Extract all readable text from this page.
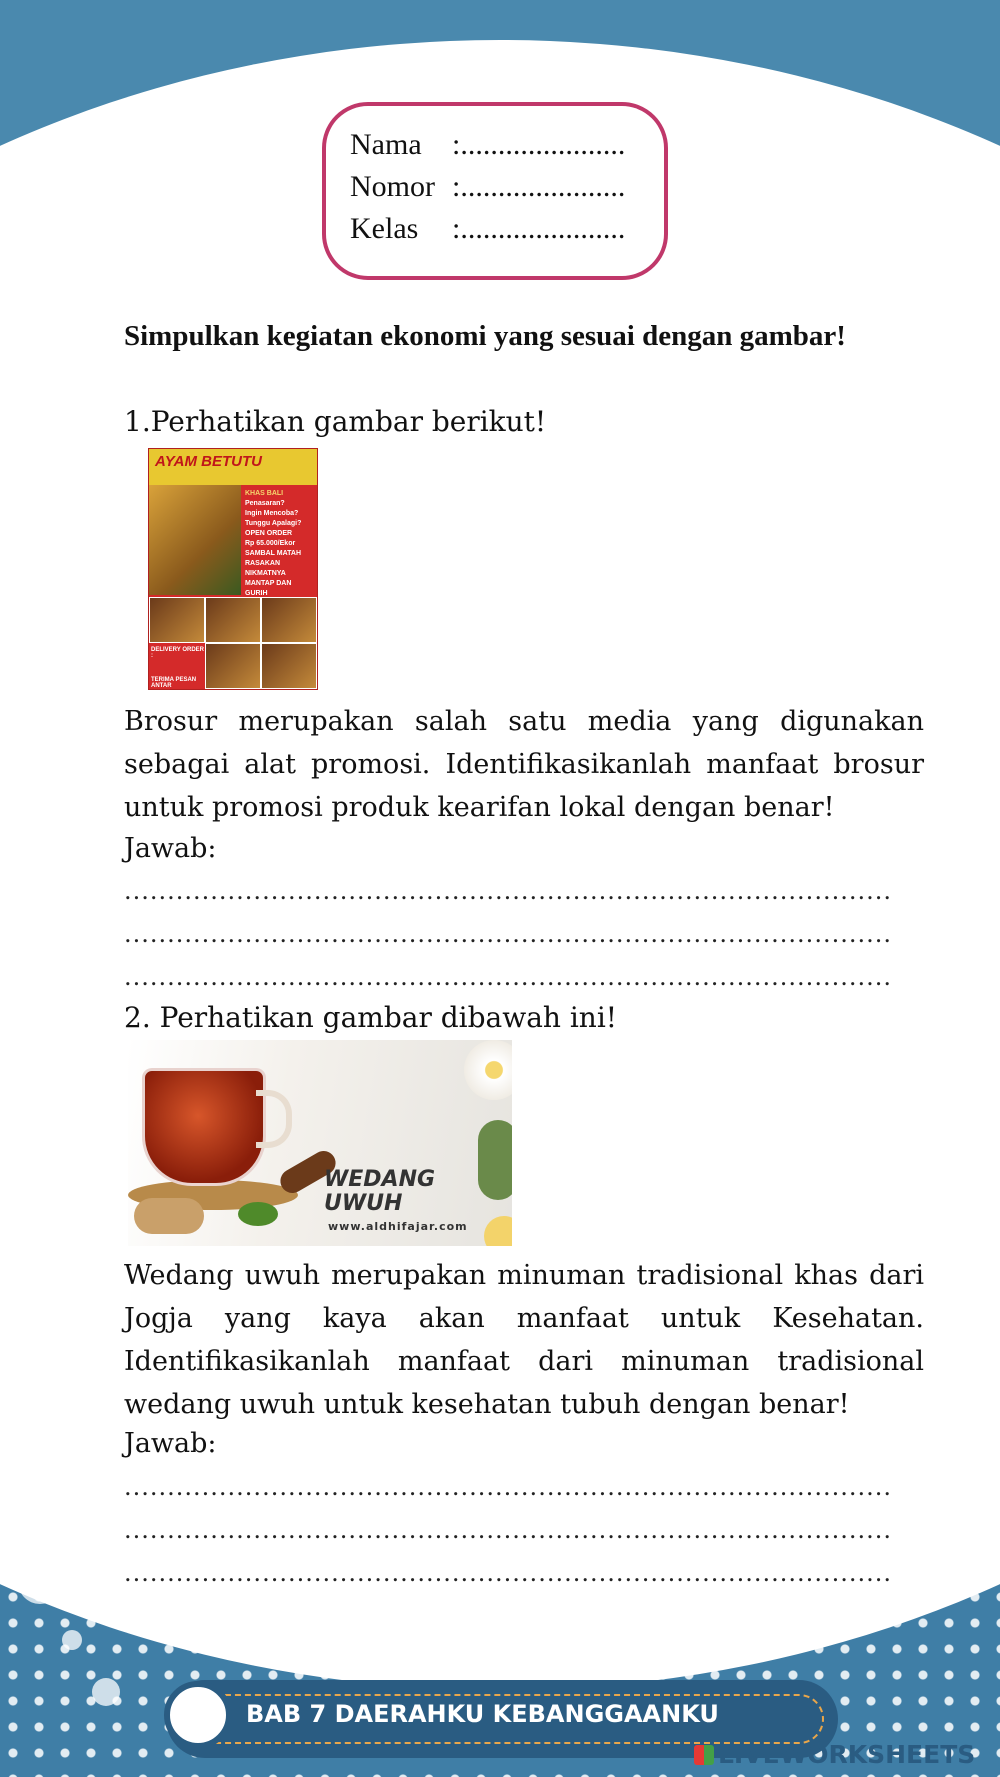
Nama :......................
Nomor :......................
Kelas :......................
Simpulkan kegiatan ekonomi yang sesuai dengan gambar!
1.Perhatikan gambar berikut!
AYAM BETUTU
KHAS BALI
Penasaran?
Ingin Mencoba?
Tunggu Apalagi?
OPEN ORDER
Rp 65.000/Ekor
SAMBAL MATAH
RASAKAN NIKMATNYA
MANTAP DAN GURIH
DELIVERY ORDER :
TERIMA PESAN ANTAR
Brosur merupakan salah satu media yang digunakan sebagai alat promosi. Identifikasikanlah manfaat brosur untuk promosi produk kearifan lokal dengan benar!
Jawab:
.........................................................................................
.........................................................................................
.........................................................................................
2. Perhatikan gambar dibawah ini!
WEDANG
UWUH
www.aldhifajar.com
Wedang uwuh merupakan minuman tradisional khas dari Jogja yang kaya akan manfaat untuk Kesehatan. Identifikasikanlah manfaat dari minuman tradisional wedang uwuh untuk kesehatan tubuh dengan benar!
Jawab:
.........................................................................................
.........................................................................................
.........................................................................................
BAB 7 DAERAHKU KEBANGGAANKU
LIVEWORKSHEETS
